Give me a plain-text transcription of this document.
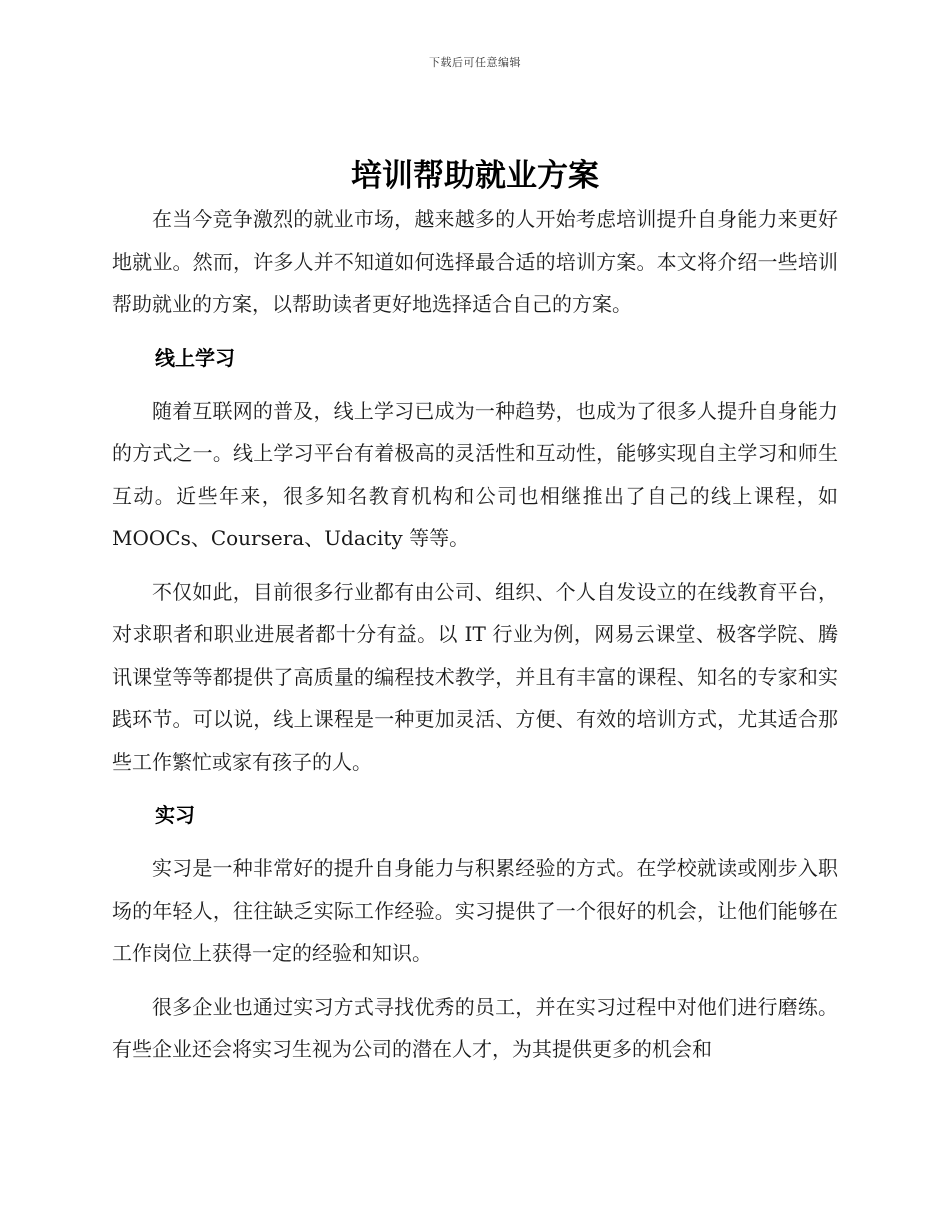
下载后可任意编辑
培训帮助就业方案

在当今竞争激烈的就业市场，越来越多的人开始考虑培训提升自身能力来更好地就业。然而，许多人并不知道如何选择最合适的培训方案。本文将介绍一些培训帮助就业的方案，以帮助读者更好地选择适合自己的方案。

线上学习

随着互联网的普及，线上学习已成为一种趋势，也成为了很多人提升自身能力的方式之一。线上学习平台有着极高的灵活性和互动性，能够实现自主学习和师生互动。近些年来，很多知名教育机构和公司也相继推出了自己的线上课程，如 MOOCs、Coursera、Udacity 等等。

不仅如此，目前很多行业都有由公司、组织、个人自发设立的在线教育平台，对求职者和职业进展者都十分有益。以 IT 行业为例，网易云课堂、极客学院、腾讯课堂等等都提供了高质量的编程技术教学，并且有丰富的课程、知名的专家和实践环节。可以说，线上课程是一种更加灵活、方便、有效的培训方式，尤其适合那些工作繁忙或家有孩子的人。

实习

实习是一种非常好的提升自身能力与积累经验的方式。在学校就读或刚步入职场的年轻人，往往缺乏实际工作经验。实习提供了一个很好的机会，让他们能够在工作岗位上获得一定的经验和知识。

很多企业也通过实习方式寻找优秀的员工，并在实习过程中对他们进行磨练。有些企业还会将实习生视为公司的潜在人才，为其提供更多的机会和
